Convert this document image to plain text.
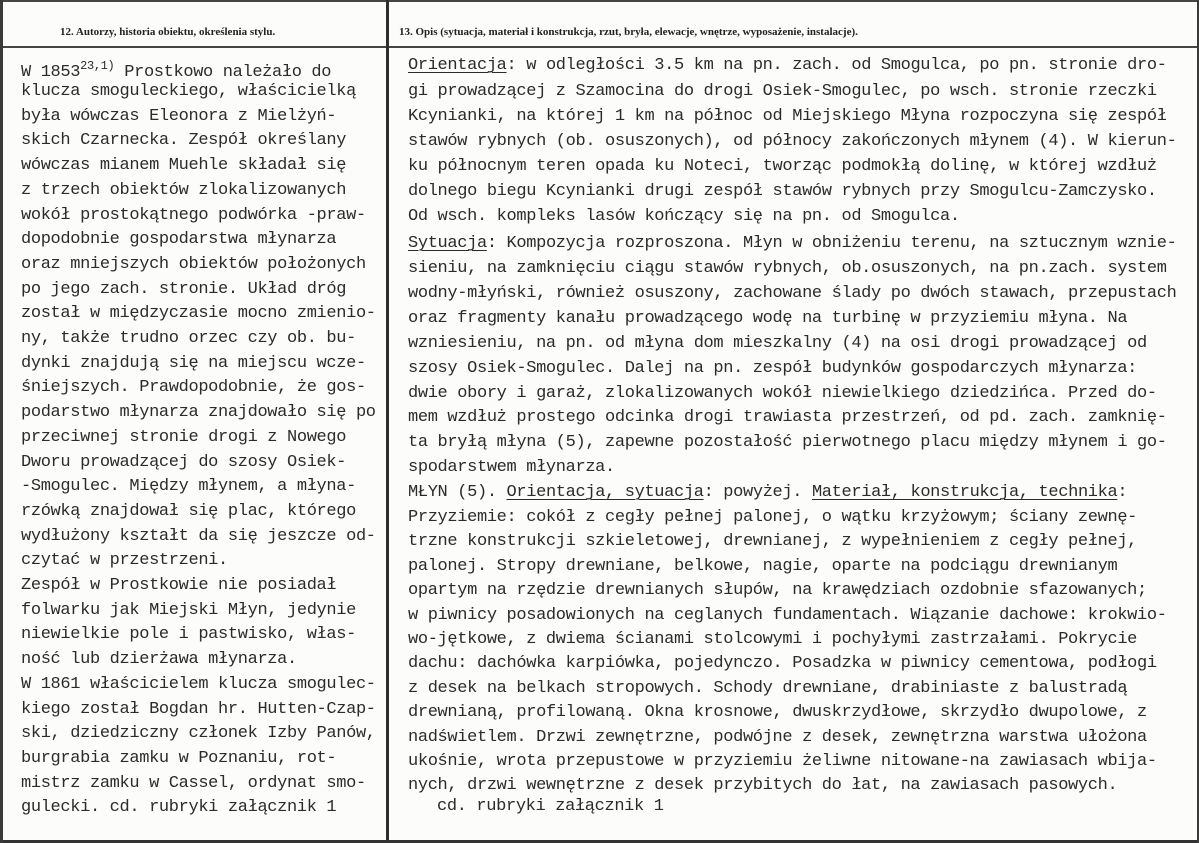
12. Autorzy, historia obiektu, określenia stylu.	13. Opis (sytuacja, materiał i konstrukcja, rzut, bryła, elewacje, wnętrze, wyposażenie, instalacje).
W 1853$^{23,1)}$ Prostkowo należało do
klucza smoguleckiego, właścicielką
była wówczas Eleonora z Mielżyń-
skich Czarnecka. Zespół określany
wówczas mianem Muehle składał się
z trzech obiektów zlokalizowanych
wokół prostokątnego podwórka -praw-
dopodobnie gospodarstwa młynarza
oraz mniejszych obiektów położonych
po jego zach. stronie. Układ dróg
został w międzyczasie mocno zmienio-
ny, także trudno orzec czy ob. bu-
dynki znajdują się na miejscu wcze-
śniejszych. Prawdopodobnie, że gos-
podarstwo młynarza znajdowało się po
przeciwnej stronie drogi z Nowego
Dworu prowadzącej do szosy Osiek-
-Smogulec. Między młynem, a młyna-
rzówką znajdował się plac, którego
wydłużony kształt da się jeszcze od-
czytać w przestrzeni.
Zespół w Prostkowie nie posiadał
folwarku jak Miejski Młyn, jedynie
niewielkie pole i pastwisko, włas-
ność lub dzierżawa młynarza.
W 1861 właścicielem klucza smogulec-
kiego został Bogdan hr. Hutten-Czap-
ski, dziedziczny członek Izby Panów,
burgrabia zamku w Poznaniu, rot-
mistrz zamku w Cassel, ordynat smo-
gulecki. cd. rubryki załącznik 1
Orientacja: w odległości 3.5 km na pn. zach. od Smogulca, po pn. stronie dro-
Sytuacja: Kompozycja rozproszona. Młyn w obniżeniu terenu, na sztucznym wznie-
MŁYN (5). Orientacja, sytuacja: powyżej. Materiał, konstrukcja, technika:
gi prowadzącej z Szamocina do drogi Osiek-Smogulec, po wsch. stronie rzeczki
Kcynianki, na której 1 km na północ od Miejskiego Młyna rozpoczyna się zespół
stawów rybnych (ob. osuszonych), od północy zakończonych młynem (4). W kierun-
ku północnym teren opada ku Noteci, tworząc podmokłą dolinę, w której wzdłuż
dolnego biegu Kcynianki drugi zespół stawów rybnych przy Smogulcu-Zamczysko.
Od wsch. kompleks lasów kończący się na pn. od Smogulca.
sieniu, na zamknięciu ciągu stawów rybnych, ob.osuszonych, na pn.zach. system
wodny-młyński, również osuszony, zachowane ślady po dwóch stawach, przepustach
oraz fragmenty kanału prowadzącego wodę na turbinę w przyziemiu młyna. Na
wzniesieniu, na pn. od młyna dom mieszkalny (4) na osi drogi prowadzącej od
szosy Osiek-Smogulec. Dalej na pn. zespół budynków gospodarczych młynarza:
dwie obory i garaż, zlokalizowanych wokół niewielkiego dziedzińca. Przed do-
mem wzdłuż prostego odcinka drogi trawiasta przestrzeń, od pd. zach. zamknię-
ta bryłą młyna (5), zapewne pozostałość pierwotnego placu między młynem i go-
spodarstwem młynarza.
Przyziemie: cokół z cegły pełnej palonej, o wątku krzyżowym; ściany zewnę-
trzne konstrukcji szkieletowej, drewnianej, z wypełnieniem z cegły pełnej,
palonej. Stropy drewniane, belkowe, nagie, oparte na podciągu drewnianym
opartym na rzędzie drewnianych słupów, na krawędziach ozdobnie sfazowanych;
w piwnicy posadowionych na ceglanych fundamentach. Wiązanie dachowe: krokwio-
wo-jętkowe, z dwiema ścianami stolcowymi i pochyłymi zastrzałami. Pokrycie
dachu: dachówka karpiówka, pojedynczo. Posadzka w piwnicy cementowa, podłogi
z desek na belkach stropowych. Schody drewniane, drabiniaste z balustradą
drewnianą, profilowaną. Okna krosnowe, dwuskrzydłowe, skrzydło dwupolowe, z
nadświetlem. Drzwi zewnętrzne, podwójne z desek, zewnętrzna warstwa ułożona
ukośnie, wrota przepustowe w przyziemiu żeliwne nitowane-na zawiasach wbija-
nych, drzwi wewnętrzne z desek przybitych do łat, na zawiasach pasowych.
cd. rubryki załącznik 1
